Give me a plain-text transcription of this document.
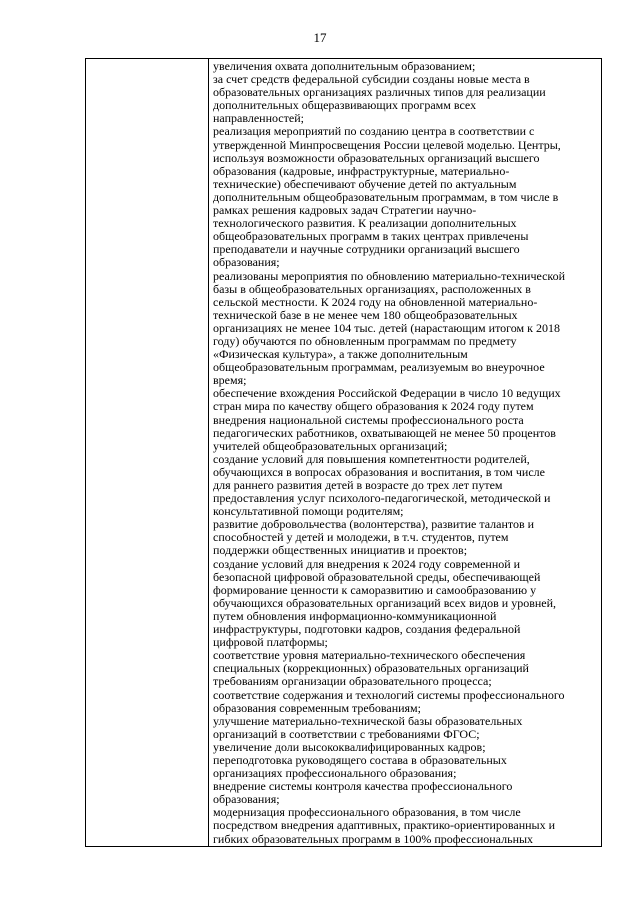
17

увеличения охвата дополнительным образованием;
за счет средств федеральной субсидии созданы новые места в
образовательных организациях различных типов для реализации
дополнительных общеразвивающих программ всех
направленностей;
реализация мероприятий по созданию центра в соответствии с
утвержденной Минпросвещения России целевой моделью. Центры,
используя возможности образовательных организаций высшего
образования (кадровые, инфраструктурные, материально-
технические) обеспечивают обучение детей по актуальным
дополнительным общеобразовательным программам, в том числе в
рамках решения кадровых задач Стратегии научно-
технологического развития. К реализации дополнительных
общеобразовательных программ в таких центрах привлечены
преподаватели и научные сотрудники организаций высшего
образования;
реализованы мероприятия по обновлению материально-технической
базы в общеобразовательных организациях, расположенных в
сельской местности. К 2024 году на обновленной материально-
технической базе в не менее чем 180 общеобразовательных
организациях не менее 104 тыс. детей (нарастающим итогом к 2018
году) обучаются по обновленным программам по предмету
«Физическая культура», а также дополнительным
общеобразовательным программам, реализуемым во внеурочное
время;
обеспечение вхождения Российской Федерации в число 10 ведущих
стран мира по качеству общего образования к 2024 году путем
внедрения национальной системы профессионального роста
педагогических работников, охватывающей не менее 50 процентов
учителей общеобразовательных организаций;
создание условий для повышения компетентности родителей,
обучающихся в вопросах образования и воспитания, в том числе
для раннего развития детей в возрасте до трех лет путем
предоставления услуг психолого-педагогической, методической и
консультативной помощи родителям;
развитие добровольчества (волонтерства), развитие талантов и
способностей у детей и молодежи, в т.ч. студентов, путем
поддержки общественных инициатив и проектов;
создание условий для внедрения к 2024 году современной и
безопасной цифровой образовательной среды, обеспечивающей
формирование ценности к саморазвитию и самообразованию у
обучающихся образовательных организаций всех видов и уровней,
путем обновления информационно-коммуникационной
инфраструктуры, подготовки кадров, создания федеральной
цифровой платформы;
соответствие уровня материально-технического обеспечения
специальных (коррекционных) образовательных организаций
требованиям организации образовательного процесса;
соответствие содержания и технологий системы профессионального
образования современным требованиям;
улучшение материально-технической базы образовательных
организаций в соответствии с требованиями ФГОС;
увеличение доли высококвалифицированных кадров;
переподготовка руководящего состава в образовательных
организациях профессионального образования;
внедрение системы контроля качества профессионального
образования;
модернизация профессионального образования, в том числе
посредством внедрения адаптивных, практико-ориентированных и
гибких образовательных программ в 100% профессиональных
